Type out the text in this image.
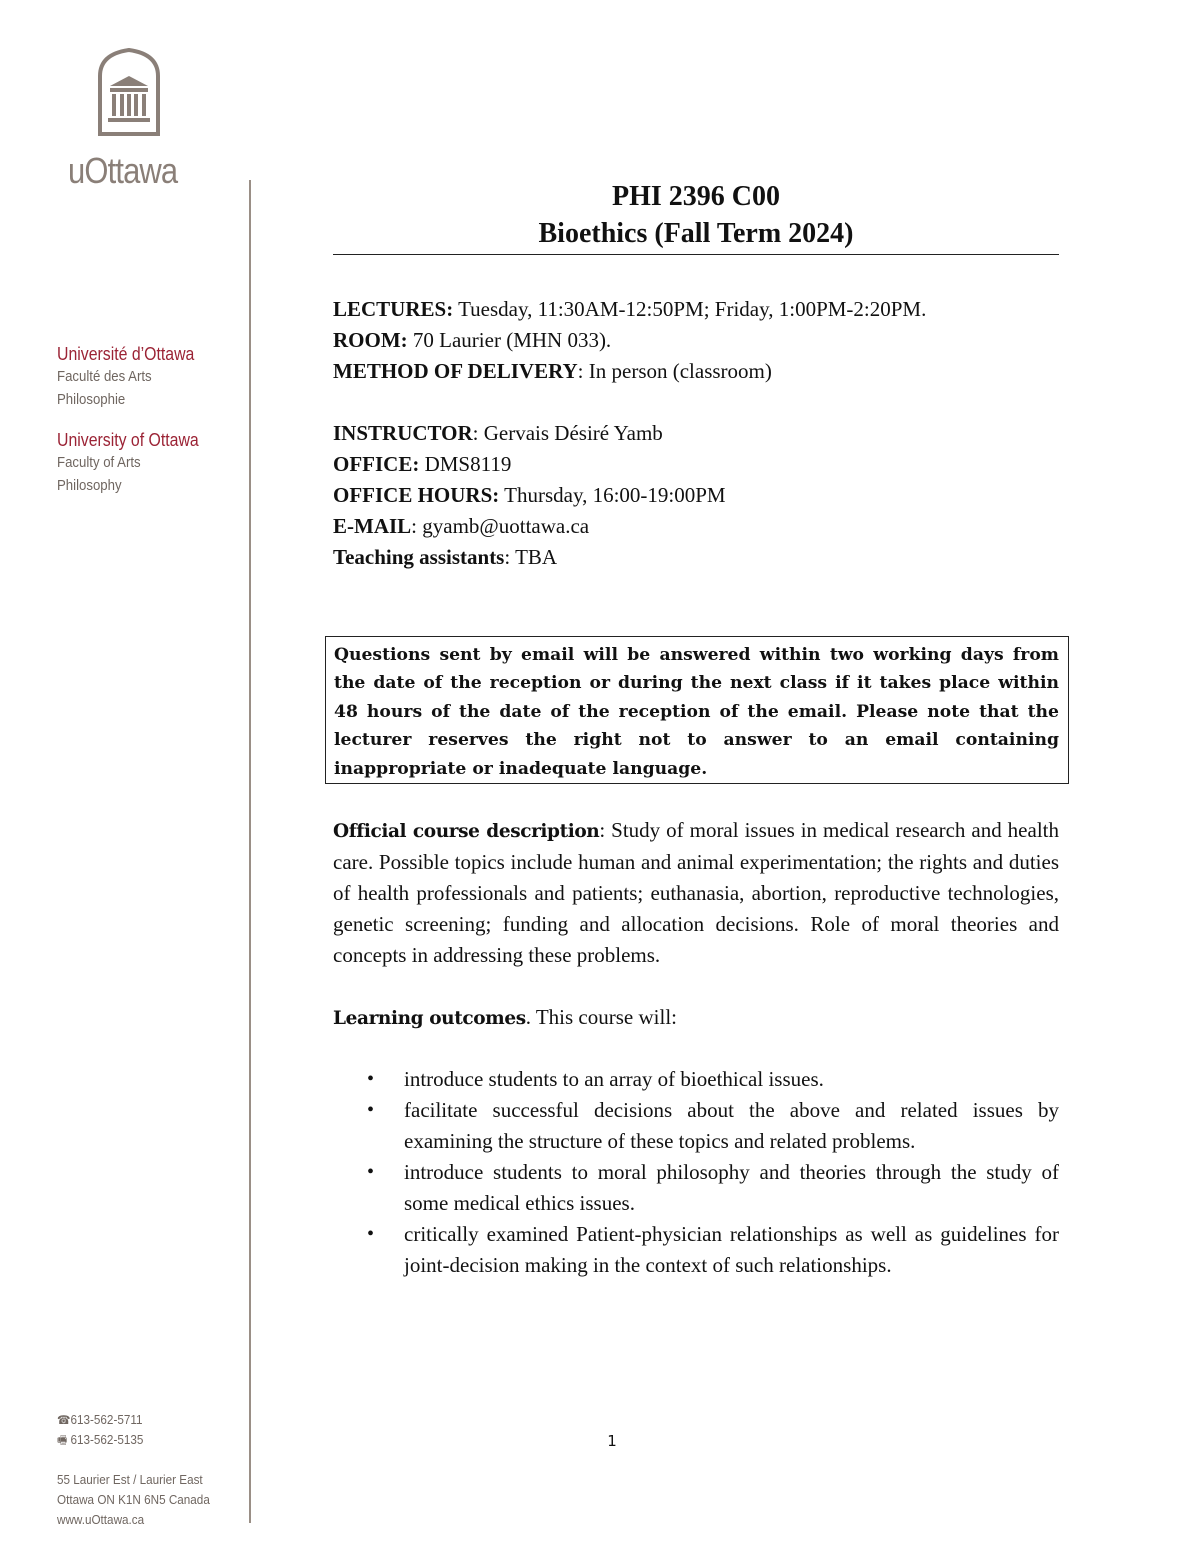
uOttawa
Université d’Ottawa
Faculté des Arts
Philosophie
University of Ottawa
Faculty of Arts
Philosophy
☎613-562-5711
🖷 613-562-5135
55 Laurier Est / Laurier East
Ottawa ON K1N 6N5 Canada
www.uOttawa.ca
PHI 2396 C00
Bioethics (Fall Term 2024)
LECTURES: Tuesday, 11:30AM-12:50PM; Friday, 1:00PM-2:20PM.
ROOM: 70 Laurier (MHN 033).
METHOD OF DELIVERY: In person (classroom)
INSTRUCTOR: Gervais Désiré Yamb
OFFICE: DMS8119
OFFICE HOURS: Thursday, 16:00-19:00PM
E-MAIL: gyamb@uottawa.ca
Teaching assistants: TBA
Questions sent by email will be answered within two working days from the date of the reception or during the next class if it takes place within 48 hours of the date of the reception of the email. Please note that the lecturer reserves the right not to answer to an email containing inappropriate or inadequate language.
Official course description: Study of moral issues in medical research and health care. Possible topics include human and animal experimentation; the rights and duties of health professionals and patients; euthanasia, abortion, reproductive technologies, genetic screening; funding and allocation decisions. Role of moral theories and concepts in addressing these problems.
Learning outcomes. This course will:
• introduce students to an array of bioethical issues.
• facilitate successful decisions about the above and related issues by examining the structure of these topics and related problems.
• introduce students to moral philosophy and theories through the study of some medical ethics issues.
• critically examined Patient-physician relationships as well as guidelines for joint-decision making in the context of such relationships.
1
